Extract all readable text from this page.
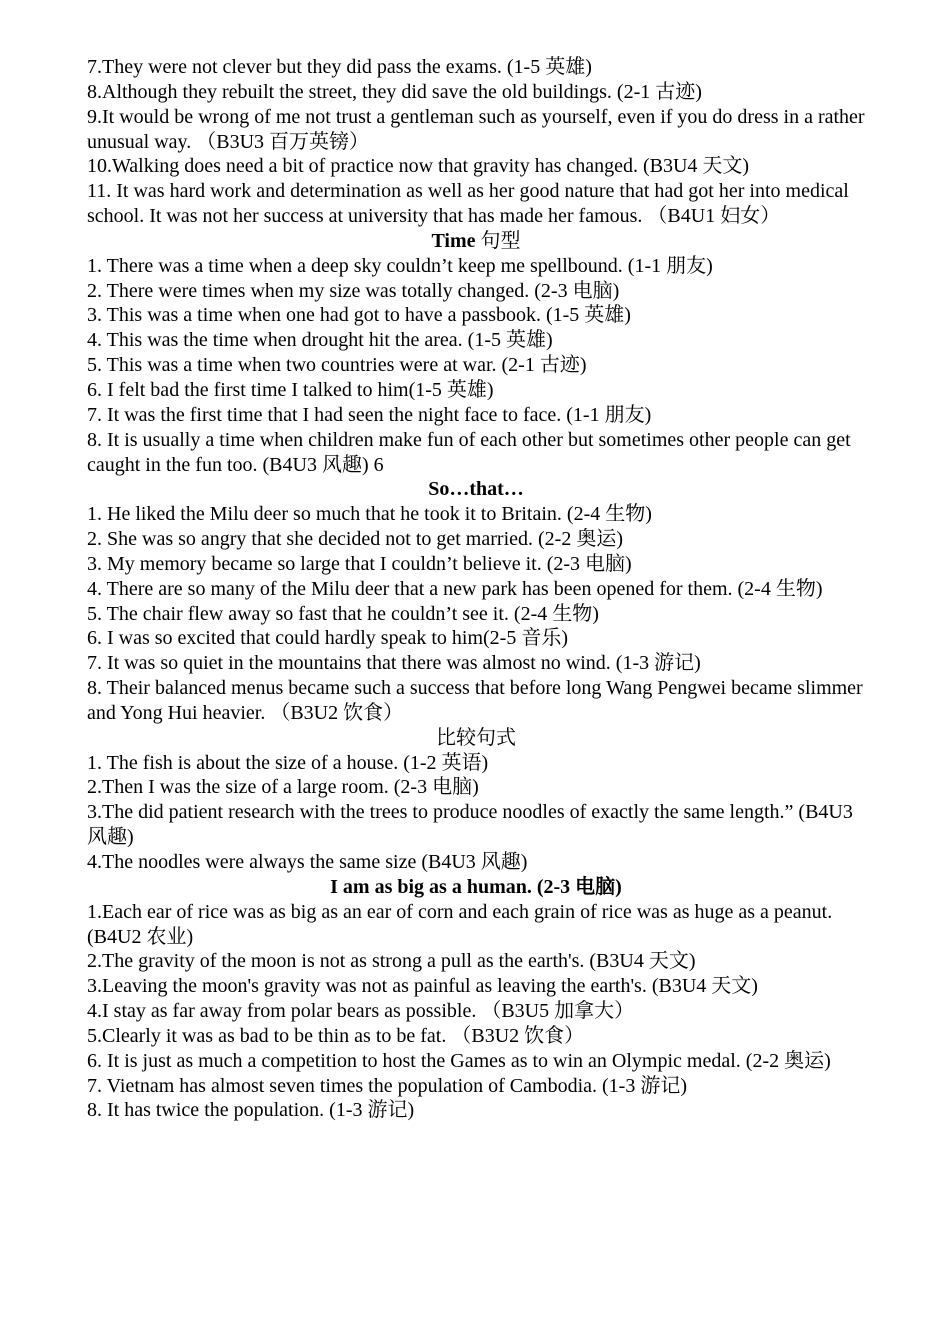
7.They were not clever but they did pass the exams. (1-5 英雄)
8.Although they rebuilt the street, they did save the old buildings. (2-1 古迹)
9.It would be wrong of me not trust a gentleman such as yourself, even if you do dress in a rather unusual way. （B3U3 百万英镑）
10.Walking does need a bit of practice now that gravity has changed. (B3U4 天文)
11. It was hard work and determination as well as her good nature that had got her into medical school. It was not her success at university that has made her famous. （B4U1 妇女）
Time 句型
1. There was a time when a deep sky couldn’t keep me spellbound. (1-1 朋友)
2. There were times when my size was totally changed. (2-3 电脑)
3. This was a time when one had got to have a passbook. (1-5 英雄)
4. This was the time when drought hit the area. (1-5 英雄)
5. This was a time when two countries were at war. (2-1 古迹)
6. I felt bad the first time I talked to him(1-5 英雄)
7. It was the first time that I had seen the night face to face. (1-1 朋友)
8. It is usually a time when children make fun of each other but sometimes other people can get caught in the fun too. (B4U3 风趣) 6
So…that…
1. He liked the Milu deer so much that he took it to Britain. (2-4 生物)
2. She was so angry that she decided not to get married. (2-2 奥运)
3. My memory became so large that I couldn’t believe it. (2-3 电脑)
4. There are so many of the Milu deer that a new park has been opened for them. (2-4 生物)
5. The chair flew away so fast that he couldn’t see it. (2-4 生物)
6. I was so excited that could hardly speak to him(2-5 音乐)
7. It was so quiet in the mountains that there was almost no wind. (1-3 游记)
8. Their balanced menus became such a success that before long Wang Pengwei became slimmer and Yong Hui heavier. （B3U2 饮食）
比较句式
1. The fish is about the size of a house. (1-2 英语)
2.Then I was the size of a large room. (2-3 电脑)
3.The did patient research with the trees to produce noodles of exactly the same length.” (B4U3 风趣)
4.The noodles were always the same size (B4U3 风趣)
I am as big as a human. (2-3 电脑)
1.Each ear of rice was as big as an ear of corn and each grain of rice was as huge as a peanut. (B4U2 农业)
2.The gravity of the moon is not as strong a pull as the earth's. (B3U4 天文)
3.Leaving the moon's gravity was not as painful as leaving the earth's. (B3U4 天文)
4.I stay as far away from polar bears as possible. （B3U5 加拿大）
5.Clearly it was as bad to be thin as to be fat. （B3U2 饮食）
6. It is just as much a competition to host the Games as to win an Olympic medal. (2-2 奥运)
7. Vietnam has almost seven times the population of Cambodia. (1-3 游记)
8. It has twice the population. (1-3 游记)
